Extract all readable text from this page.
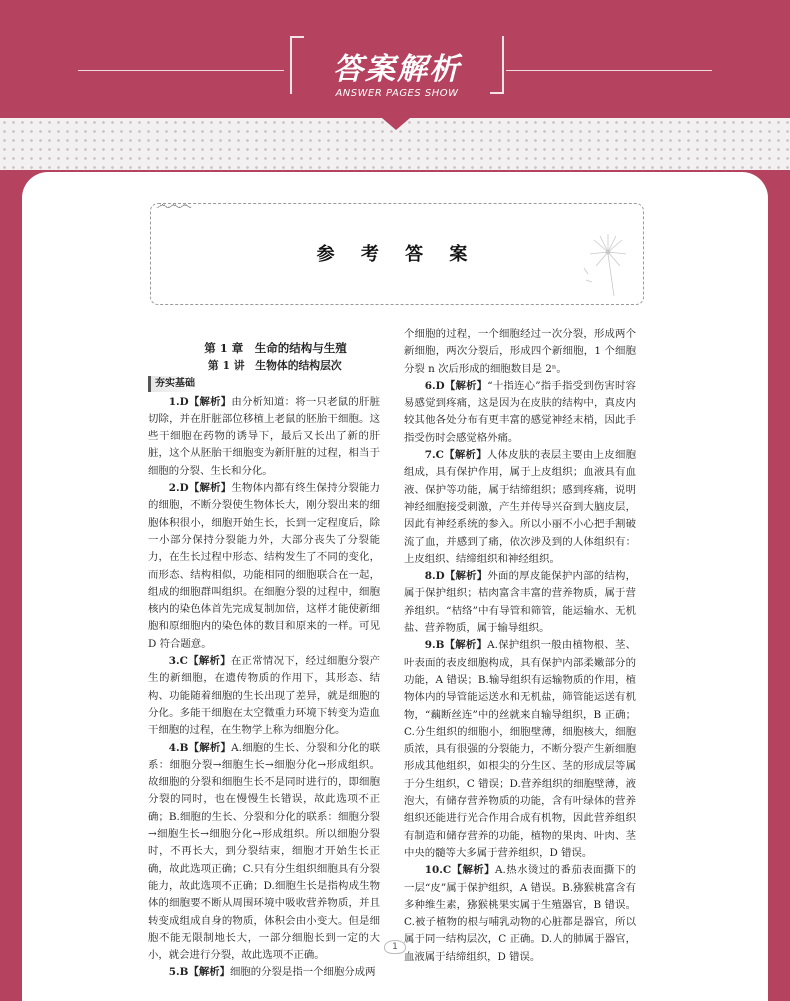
答案解析
ANSWER PAGES SHOW
෴෴෴
参 考 答 案

第 1 章　生命的结构与生殖

第 1 讲　生物体的结构层次

夯实基础

1.D【解析】由分析知道：将一只老鼠的肝脏切除，并在肝脏部位移植上老鼠的胚胎干细胞。这些干细胞在药物的诱导下，最后又长出了新的肝脏，这个从胚胎干细胞变为新肝脏的过程，相当于细胞的分裂、生长和分化。

2.D【解析】生物体内都有终生保持分裂能力的细胞，不断分裂使生物体长大，刚分裂出来的细胞体积很小，细胞开始生长，长到一定程度后，除一小部分保持分裂能力外，大部分丧失了分裂能力，在生长过程中形态、结构发生了不同的变化，而形态、结构相似，功能相同的细胞联合在一起，组成的细胞群叫组织。在细胞分裂的过程中，细胞核内的染色体首先完成复制加倍，这样才能使新细胞和原细胞内的染色体的数目和原来的一样。可见 D 符合题意。

3.C【解析】在正常情况下，经过细胞分裂产生的新细胞，在遗传物质的作用下，其形态、结构、功能随着细胞的生长出现了差异，就是细胞的分化。多能干细胞在太空微重力环境下转变为造血干细胞的过程，在生物学上称为细胞分化。

4.B【解析】A.细胞的生长、分裂和分化的联系：细胞分裂→细胞生长→细胞分化→形成组织。故细胞的分裂和细胞生长不是同时进行的，即细胞分裂的同时，也在慢慢生长错误，故此选项不正确；B.细胞的生长、分裂和分化的联系：细胞分裂→细胞生长→细胞分化→形成组织。所以细胞分裂时，不再长大，到分裂结束，细胞才开始生长正确，故此选项正确；C.只有分生组织细胞具有分裂能力，故此选项不正确；D.细胞生长是指构成生物体的细胞要不断从周围环境中吸收营养物质，并且转变成组成自身的物质，体积会由小变大。但是细胞不能无限制地长大，一部分细胞长到一定的大小，就会进行分裂，故此选项不正确。

5.B【解析】细胞的分裂是指一个细胞分成两

个细胞的过程，一个细胞经过一次分裂，形成两个新细胞，两次分裂后，形成四个新细胞，1 个细胞分裂 n 次后形成的细胞数目是 2ⁿ。

6.D【解析】“十指连心”指手指受到伤害时容易感觉到疼痛，这是因为在皮肤的结构中，真皮内较其他各处分布有更丰富的感觉神经末梢，因此手指受伤时会感觉格外痛。

7.C【解析】人体皮肤的表层主要由上皮细胞组成，具有保护作用，属于上皮组织；血液具有血液、保护等功能，属于结缔组织；感到疼痛，说明神经细胞接受刺激，产生并传导兴奋到大脑皮层，因此有神经系统的参入。所以小丽不小心把手割破流了血，并感到了痛，依次涉及到的人体组织有：上皮组织、结缔组织和神经组织。

8.D【解析】外面的厚皮能保护内部的结构，属于保护组织；桔肉富含丰富的营养物质，属于营养组织。“桔络”中有导管和筛管，能运输水、无机盐、营养物质，属于输导组织。

9.B【解析】A.保护组织一般由植物根、茎、叶表面的表皮细胞构成，具有保护内部柔嫩部分的功能，A 错误；B.输导组织有运输物质的作用，植物体内的导管能运送水和无机盐，筛管能运送有机物，“藕断丝连”中的丝就来自输导组织，B 正确；C.分生组织的细胞小，细胞壁薄，细胞核大，细胞质浓，具有很强的分裂能力，不断分裂产生新细胞形成其他组织，如根尖的分生区、茎的形成层等属于分生组织，C 错误；D.营养组织的细胞壁薄，液泡大，有储存营养物质的功能，含有叶绿体的营养组织还能进行光合作用合成有机物，因此营养组织有制造和储存营养的功能，植物的果肉、叶肉、茎中央的髓等大多属于营养组织，D 错误。

10.C【解析】A.热水烫过的番茄表面撕下的一层“皮”属于保护组织，A 错误。B.猕猴桃富含有多种维生素，猕猴桃果实属于生殖器官，B 错误。C.被子植物的根与哺乳动物的心脏都是器官，所以属于同一结构层次，C 正确。D.人的肺属于器官，血液属于结缔组织，D 错误。

1
